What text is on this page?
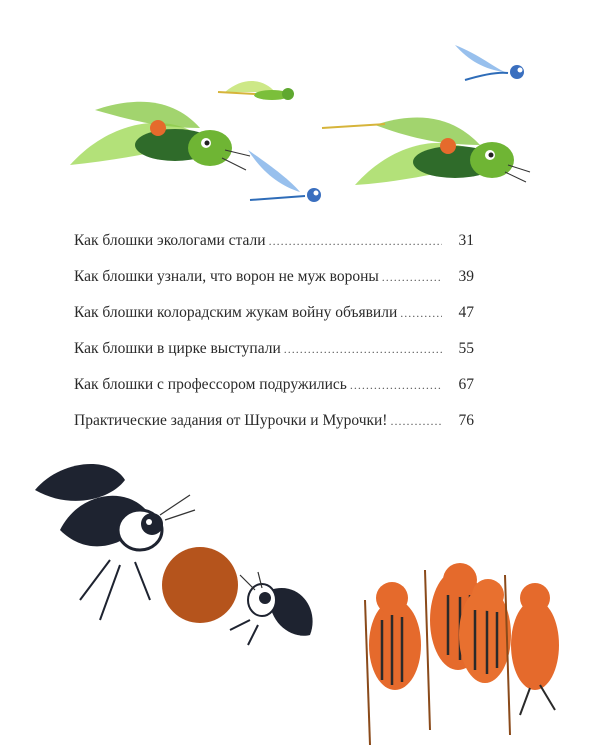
Как блошки экологами стали .....	31
Как блошки узнали, что ворон не муж вороны .....	39
Как блошки колорадским жукам войну объявили .....	47
Как блошки в цирке выступали .....	55
Как блошки с профессором подружились .....	67
Практические задания от Шурочки и Мурочки! .....	76
